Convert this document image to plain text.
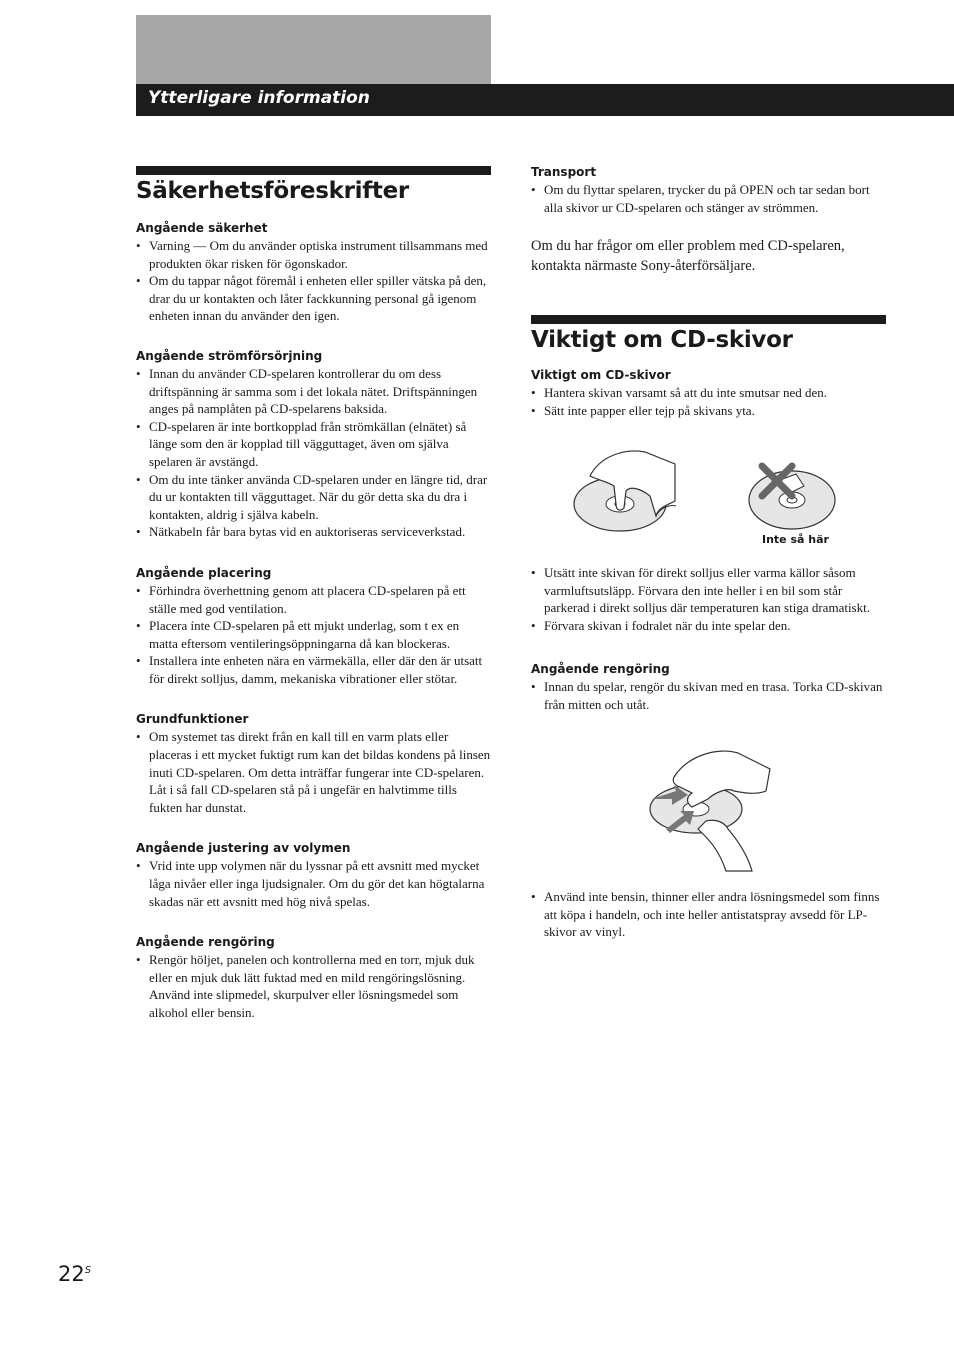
Ytterligare information
Säkerhetsföreskrifter
Angående säkerhet
• Varning — Om du använder optiska instrument tillsammans med produkten ökar risken för ögonskador.
• Om du tappar något föremål i enheten eller spiller vätska på den, drar du ur kontakten och låter fackkunning personal gå igenom enheten innan du använder den igen.
Angående strömförsörjning
• Innan du använder CD-spelaren kontrollerar du om dess driftspänning är samma som i det lokala nätet. Driftspänningen anges på namplåten på CD-spelarens baksida.
• CD-spelaren är inte bortkopplad från strömkällan (elnätet) så länge som den är kopplad till vägguttaget, även om själva spelaren är avstängd.
• Om du inte tänker använda CD-spelaren under en längre tid, drar du ur kontakten till vägguttaget. När du gör detta ska du dra i kontakten, aldrig i själva kabeln.
• Nätkabeln får bara bytas vid en auktoriseras serviceverkstad.
Angående placering
• Förhindra överhettning genom att placera CD-spelaren på ett ställe med god ventilation.
• Placera ínte CD-spelaren på ett mjukt underlag, som t ex en matta eftersom ventileringsöppningarna då kan blockeras.
• Installera inte enheten nära en värmekälla, eller där den är utsatt för direkt solljus, damm, mekaniska vibrationer eller stötar.
Grundfunktioner
• Om systemet tas direkt från en kall till en varm plats eller placeras i ett mycket fuktigt rum kan det bildas kondens på linsen inuti CD-spelaren. Om detta inträffar fungerar inte CD-spelaren. Låt i så fall CD-spelaren stå på i ungefär en halvtimme tills fukten har dunstat.
Angående justering av volymen
• Vrid inte upp volymen när du lyssnar på ett avsnitt med mycket låga nivåer eller inga ljudsignaler. Om du gör det kan högtalarna skadas när ett avsnitt med hög nivå spelas.
Angående rengöring
• Rengör höljet, panelen och kontrollerna med en torr, mjuk duk eller en mjuk duk lätt fuktad med en mild rengöringslösning. Använd inte slipmedel, skurpulver eller lösningsmedel som alkohol eller bensin.
Transport
• Om du flyttar spelaren, trycker du på OPEN och tar sedan bort alla skivor ur CD-spelaren och stänger av strömmen.

Om du har frågor om eller problem med CD-spelaren, kontakta närmaste Sony-återförsäljare.

Viktigt om CD-skivor
Viktigt om CD-skivor
• Hantera skivan varsamt så att du inte smutsar ned den.
• Sätt inte papper eller tejp på skivans yta.
Inte så här
• Utsätt inte skivan för direkt solljus eller varma källor såsom varmluftsutsläpp. Förvara den inte heller i en bil som står parkerad i direkt solljus där temperaturen kan stiga dramatiskt.
• Förvara skivan i fodralet när du inte spelar den.
Angående rengöring
• Innan du spelar, rengör du skivan med en trasa. Torka CD-skivan från mitten och utåt.
• Använd inte bensin, thinner eller andra lösningsmedel som finns att köpa i handeln, och inte heller antistatspray avsedd för LP-skivor av vinyl.
$22^S$
